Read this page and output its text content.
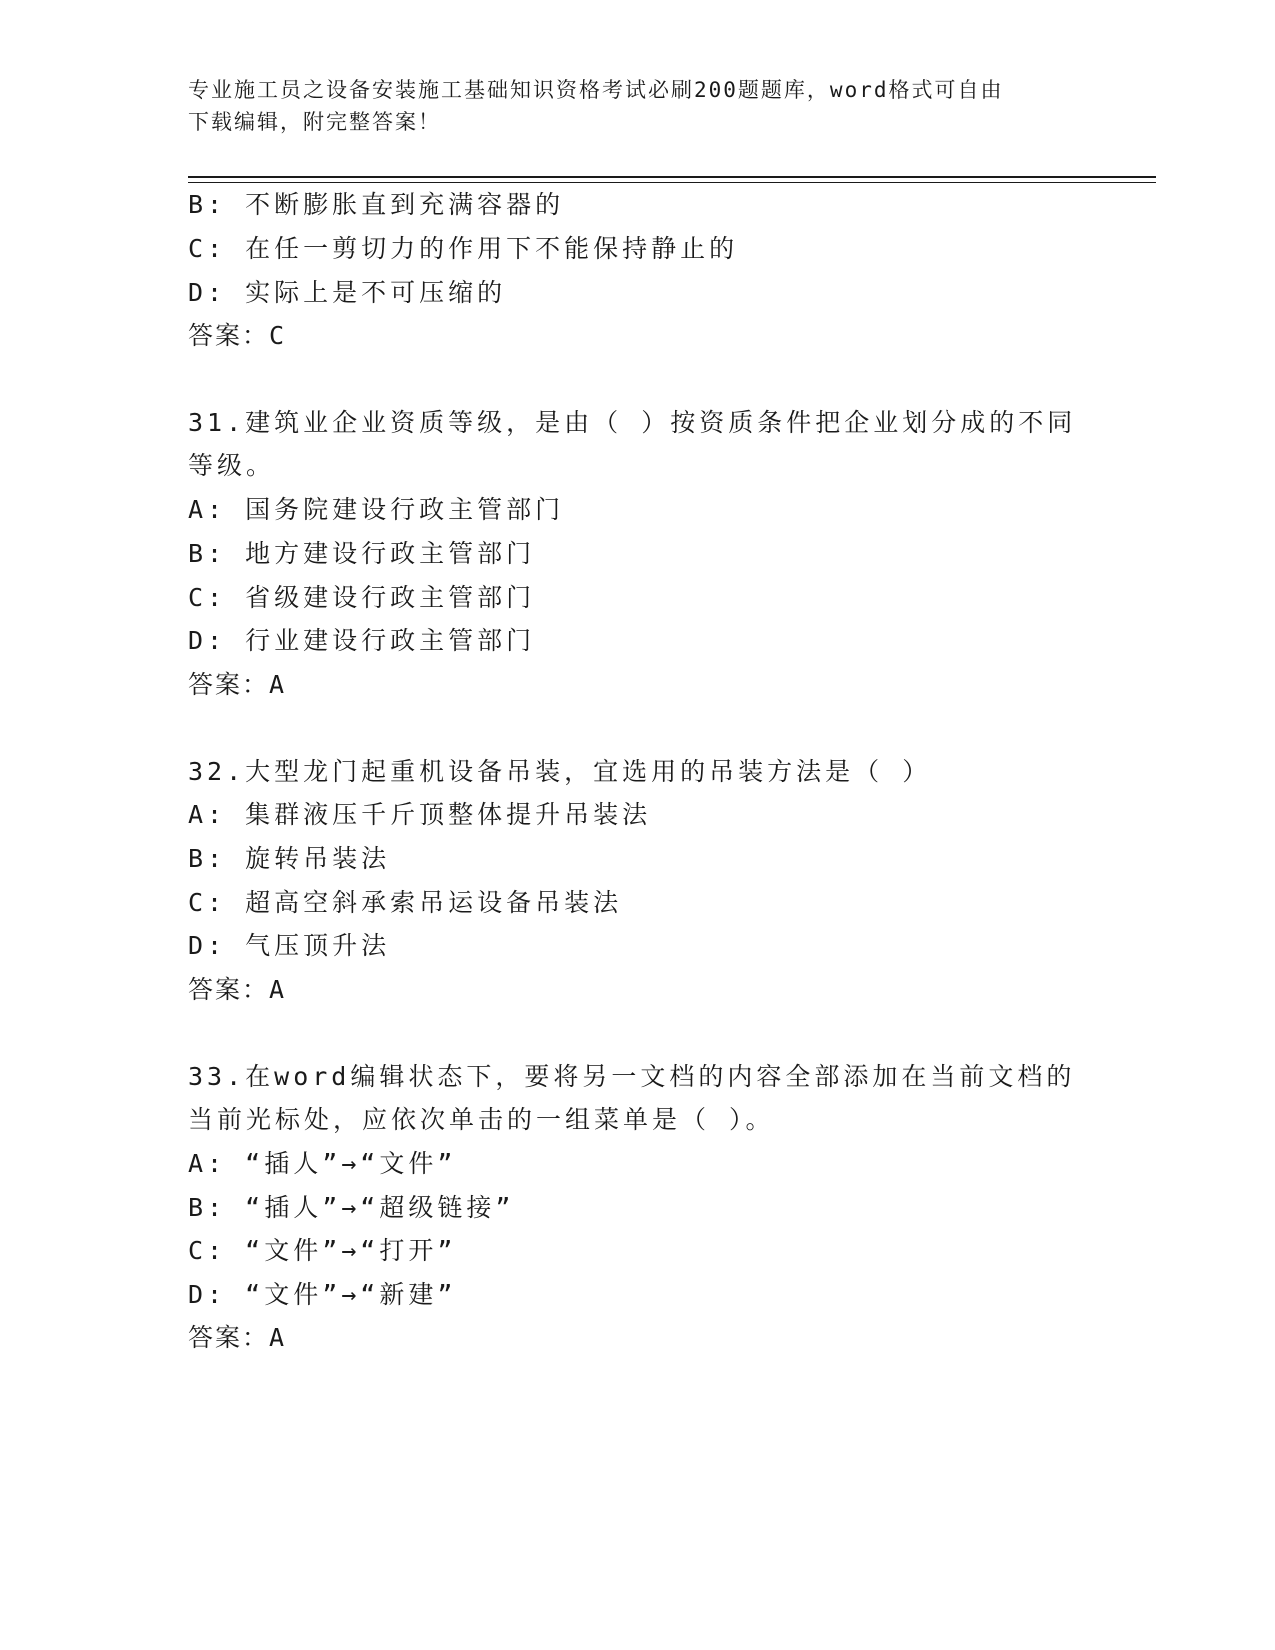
专业施工员之设备安装施工基础知识资格考试必刷200题题库，word格式可自由
下载编辑，附完整答案！
B: 不断膨胀直到充满容器的
C: 在任一剪切力的作用下不能保持静止的
D: 实际上是不可压缩的
答案：C
31.建筑业企业资质等级，是由（ ）按资质条件把企业划分成的不同
等级。
A: 国务院建设行政主管部门
B: 地方建设行政主管部门
C: 省级建设行政主管部门
D: 行业建设行政主管部门
答案：A
32.大型龙门起重机设备吊装，宜选用的吊装方法是（ ）
A: 集群液压千斤顶整体提升吊装法
B: 旋转吊装法
C: 超高空斜承索吊运设备吊装法
D: 气压顶升法
答案：A
33.在word编辑状态下，要将另一文档的内容全部添加在当前文档的
当前光标处，应依次单击的一组菜单是（ ）。
A: “插人”→“文件”
B: “插人”→“超级链接”
C: “文件”→“打开”
D: “文件”→“新建”
答案：A
